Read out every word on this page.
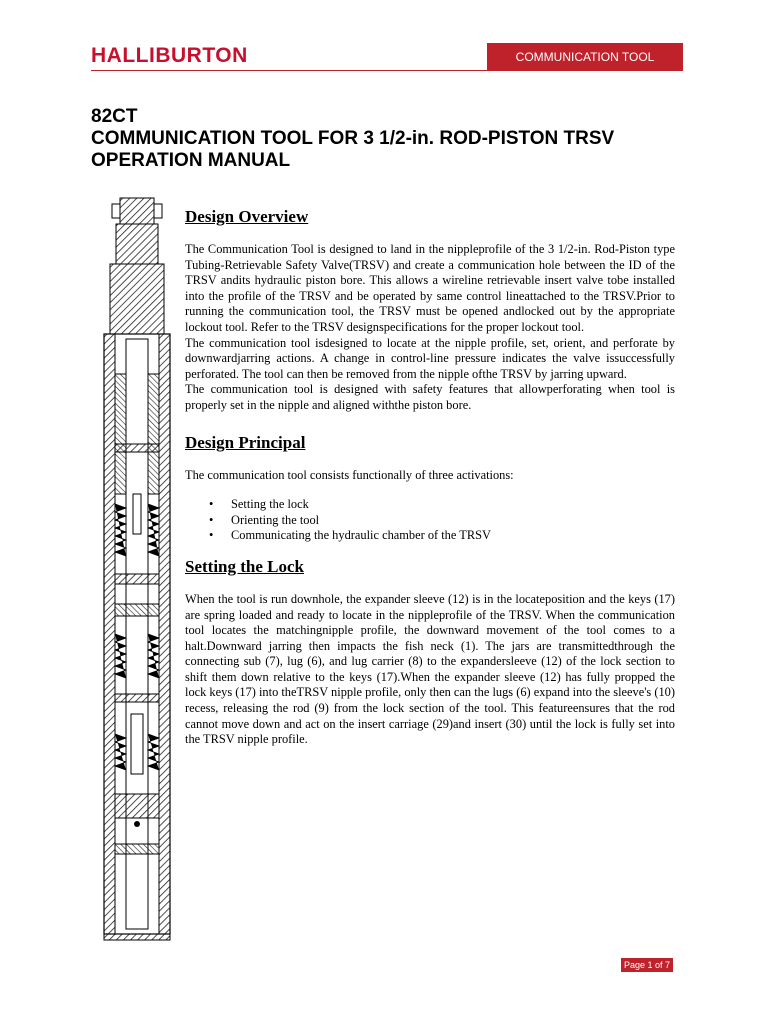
HALLIBURTON	COMMUNICATION TOOL
82CT
COMMUNICATION TOOL FOR 3 1/2-in. ROD-PISTON TRSV
OPERATION MANUAL
Design Overview

The Communication Tool is designed to land in the nippleprofile of the 3 1/2-in. Rod-Piston type Tubing-Retrievable Safety Valve(TRSV) and create a communication hole between the ID of the TRSV andits hydraulic piston bore. This allows a wireline retrievable insert valve tobe installed into the profile of the TRSV and be operated by same control lineattached to the TRSV.Prior to running the communication tool, the TRSV must be opened andlocked out by the appropriate lockout tool. Refer to the TRSV designspecifications for the proper lockout tool.

The communication tool isdesigned to locate at the nipple profile, set, orient, and perforate by downwardjarring actions. A change in control-line pressure indicates the valve issuccessfully perforated. The tool can then be removed from the nipple ofthe TRSV by jarring upward.

The communication tool is designed with safety features that allowperforating when tool is properly set in the nipple and aligned withthe piston bore.

Design Principal

The communication tool consists functionally of three activations:

• Setting the lock
• Orienting the tool
• Communicating the hydraulic chamber of the TRSV
Setting the Lock

When the tool is run downhole, the expander sleeve (12) is in the locateposition and the keys (17) are spring loaded and ready to locate in the nippleprofile of the TRSV. When the communication tool locates the matchingnipple profile, the downward movement of the tool comes to a halt.Downward jarring then impacts the fish neck (1). The jars are transmittedthrough the connecting sub (7), lug (6), and lug carrier (8) to the expandersleeve (12) of the lock section to shift them down relative to the keys (17).When the expander sleeve (12) has fully propped the lock keys (17) into theTRSV nipple profile, only then can the lugs (6) expand into the sleeve's (10) recess, releasing the rod (9) from the lock section of the tool. This featureensures that the rod cannot move down and act on the insert carriage (29)and insert (30) until the lock is fully set into the TRSV nipple profile.

Page 1 of 7
